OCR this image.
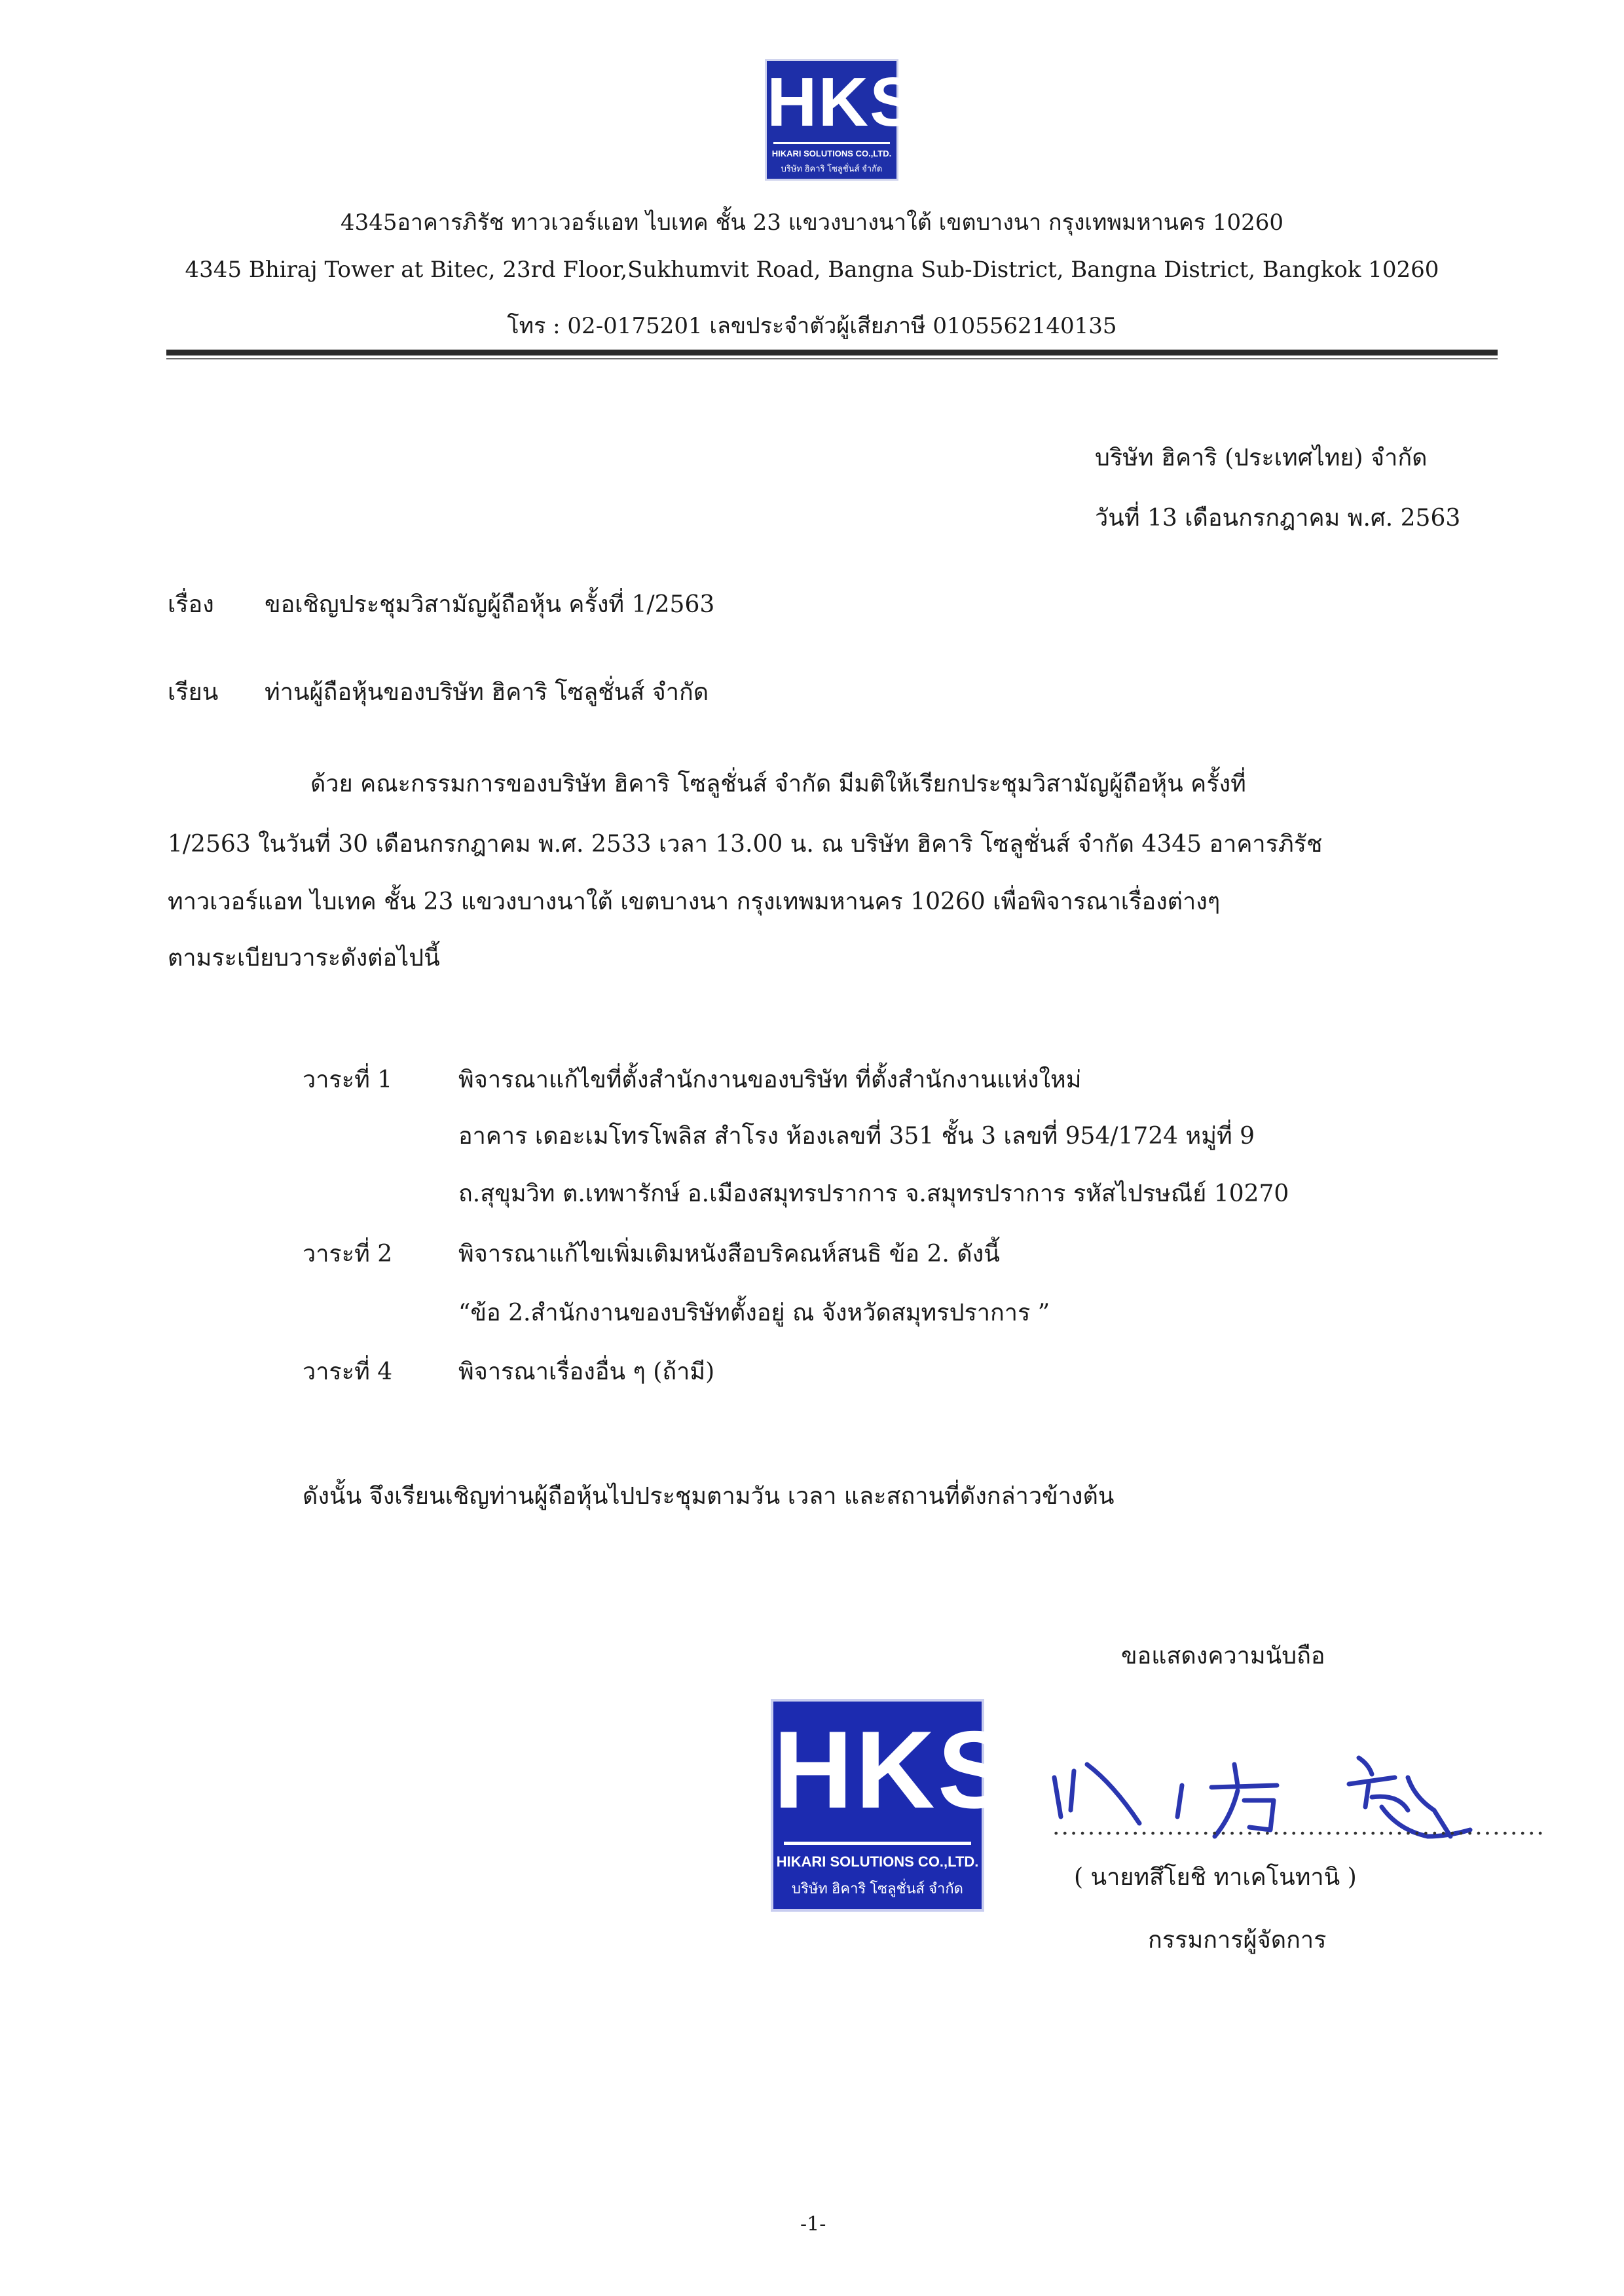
HKS
HIKARI SOLUTIONS CO.,LTD.
บริษัท ฮิคาริ โซลูชั่นส์ จำกัด
4345อาคารภิรัช ทาวเวอร์แอท ไบเทค ชั้น 23 แขวงบางนาใต้ เขตบางนา กรุงเทพมหานคร 10260
4345 Bhiraj Tower at Bitec, 23rd Floor,Sukhumvit Road, Bangna Sub-District, Bangna District, Bangkok 10260
โทร : 02-0175201 เลขประจำตัวผู้เสียภาษี 0105562140135
บริษัท ฮิคาริ (ประเทศไทย) จำกัด
วันที่ 13 เดือนกรกฎาคม พ.ศ. 2563
เรื่อง ขอเชิญประชุมวิสามัญผู้ถือหุ้น ครั้งที่ 1/2563
เรียน ท่านผู้ถือหุ้นของบริษัท ฮิคาริ โซลูชั่นส์ จำกัด
ด้วย คณะกรรมการของบริษัท ฮิคาริ โซลูชั่นส์ จำกัด มีมติให้เรียกประชุมวิสามัญผู้ถือหุ้น ครั้งที่
1/2563 ในวันที่ 30 เดือนกรกฎาคม พ.ศ. 2533 เวลา 13.00 น. ณ บริษัท ฮิคาริ โซลูชั่นส์ จำกัด 4345 อาคารภิรัช
ทาวเวอร์แอท ไบเทค ชั้น 23 แขวงบางนาใต้ เขตบางนา กรุงเทพมหานคร 10260 เพื่อพิจารณาเรื่องต่างๆ
ตามระเบียบวาระดังต่อไปนี้
วาระที่ 1	พิจารณาแก้ไขที่ตั้งสำนักงานของบริษัท ที่ตั้งสำนักงานแห่งใหม่
อาคาร เดอะเมโทรโพลิส สำโรง ห้องเลขที่ 351 ชั้น 3 เลขที่ 954/1724 หมู่ที่ 9
ถ.สุขุมวิท ต.เทพารักษ์ อ.เมืองสมุทรปราการ จ.สมุทรปราการ รหัสไปรษณีย์ 10270
วาระที่ 2	พิจารณาแก้ไขเพิ่มเติมหนังสือบริคณห์สนธิ ข้อ 2. ดังนี้
“ข้อ 2.สำนักงานของบริษัทตั้งอยู่ ณ จังหวัดสมุทรปราการ ”
วาระที่ 4	พิจารณาเรื่องอื่น ๆ (ถ้ามี)
ดังนั้น จึงเรียนเชิญท่านผู้ถือหุ้นไปประชุมตามวัน เวลา และสถานที่ดังกล่าวข้างต้น
ขอแสดงความนับถือ
HKS
HIKARI SOLUTIONS CO.,LTD.
บริษัท ฮิคาริ โซลูชั่นส์ จำกัด
........................................................
( นายทสึโยชิ ทาเคโนทานิ )
กรรมการผู้จัดการ
-1-
